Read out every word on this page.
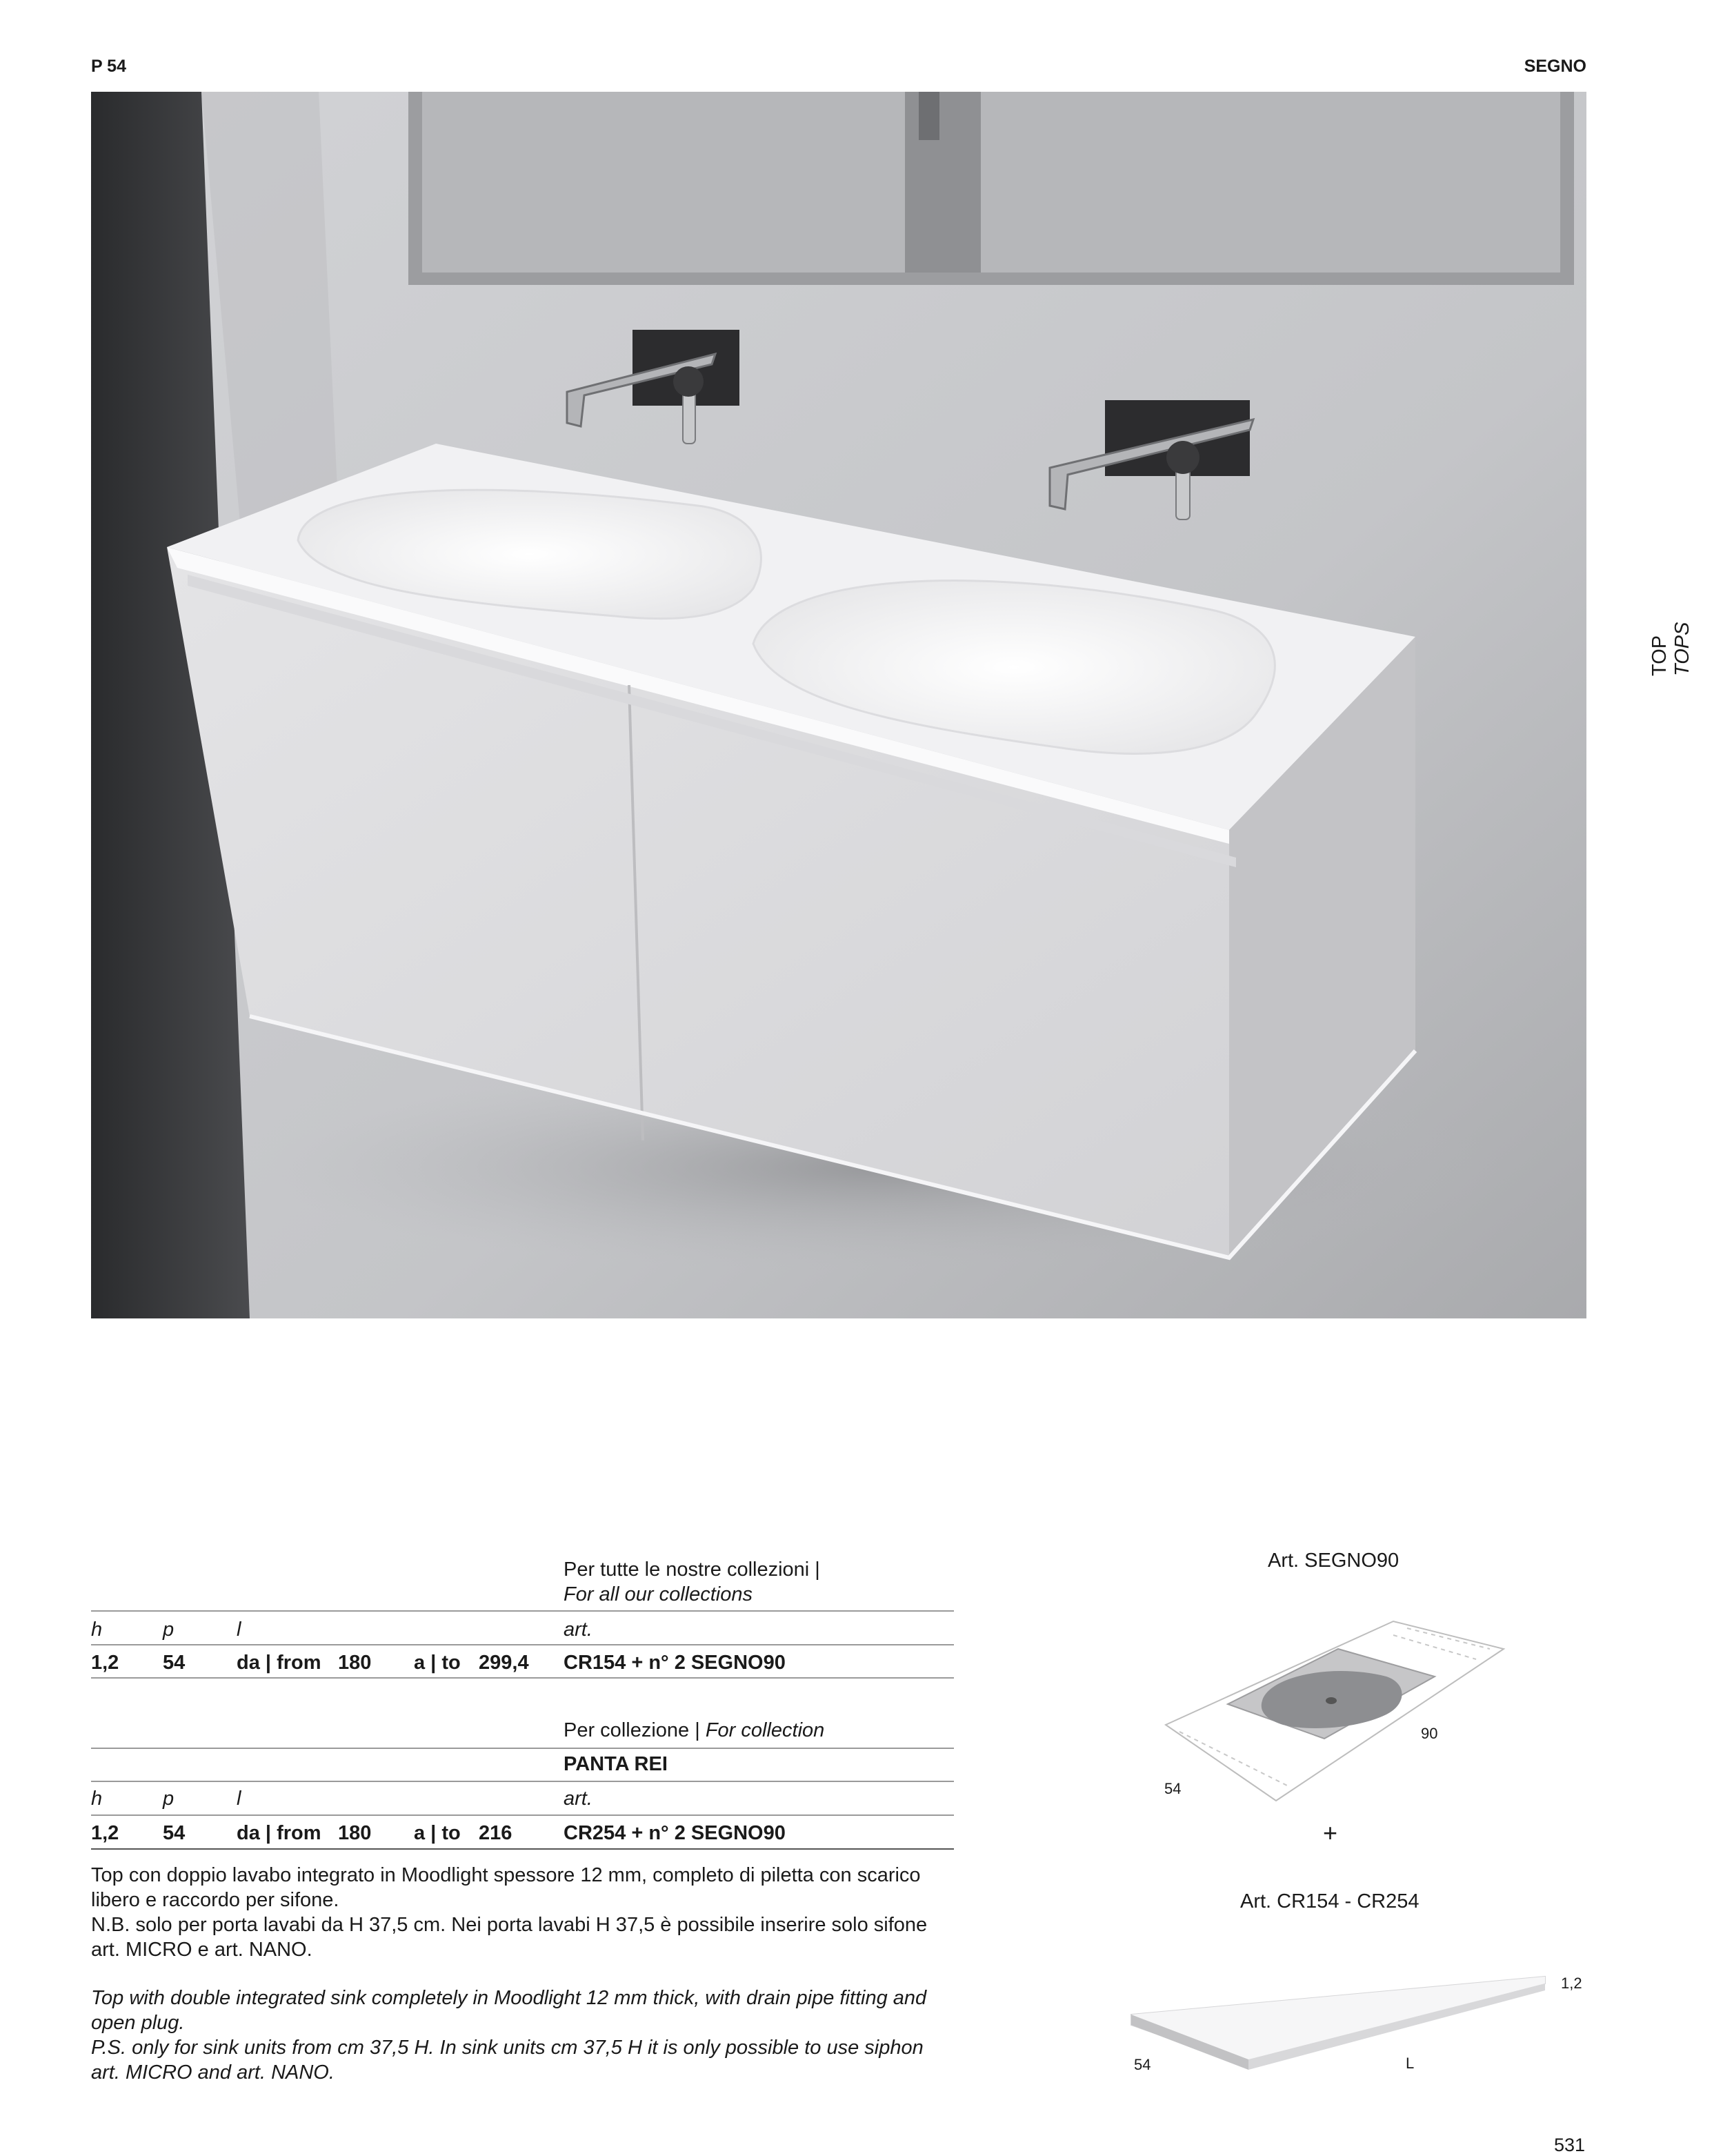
P 54	SEGNO
TOP TOPS
Per tutte le nostre collezioni |
For all our collections
h	p	l	art.
1,2 54	da | from 180 a | to 299,4 CR154 + n° 2 SEGNO90
Per collezione | For collection
PANTA REI
h	p	l	art.
1,2 54	da | from 180 a | to 216	CR254 + n° 2 SEGNO90
Top con doppio lavabo integrato in Moodlight spessore 12 mm, completo di piletta con scarico libero e raccordo per sifone.

N.B. solo per porta lavabi da H 37,5 cm. Nei porta lavabi H 37,5 è possibile inserire solo sifone art. MICRO e art. NANO.

Top with double integrated sink completely in Moodlight 12 mm thick, with drain pipe fitting and open plug.

P.S. only for sink units from cm 37,5 H. In sink units cm 37,5 H it is only possible to use siphon art. MICRO and art. NANO.

Art. SEGNO90
90
54
+
Art. CR154 - CR254
1,2
54	L
531
